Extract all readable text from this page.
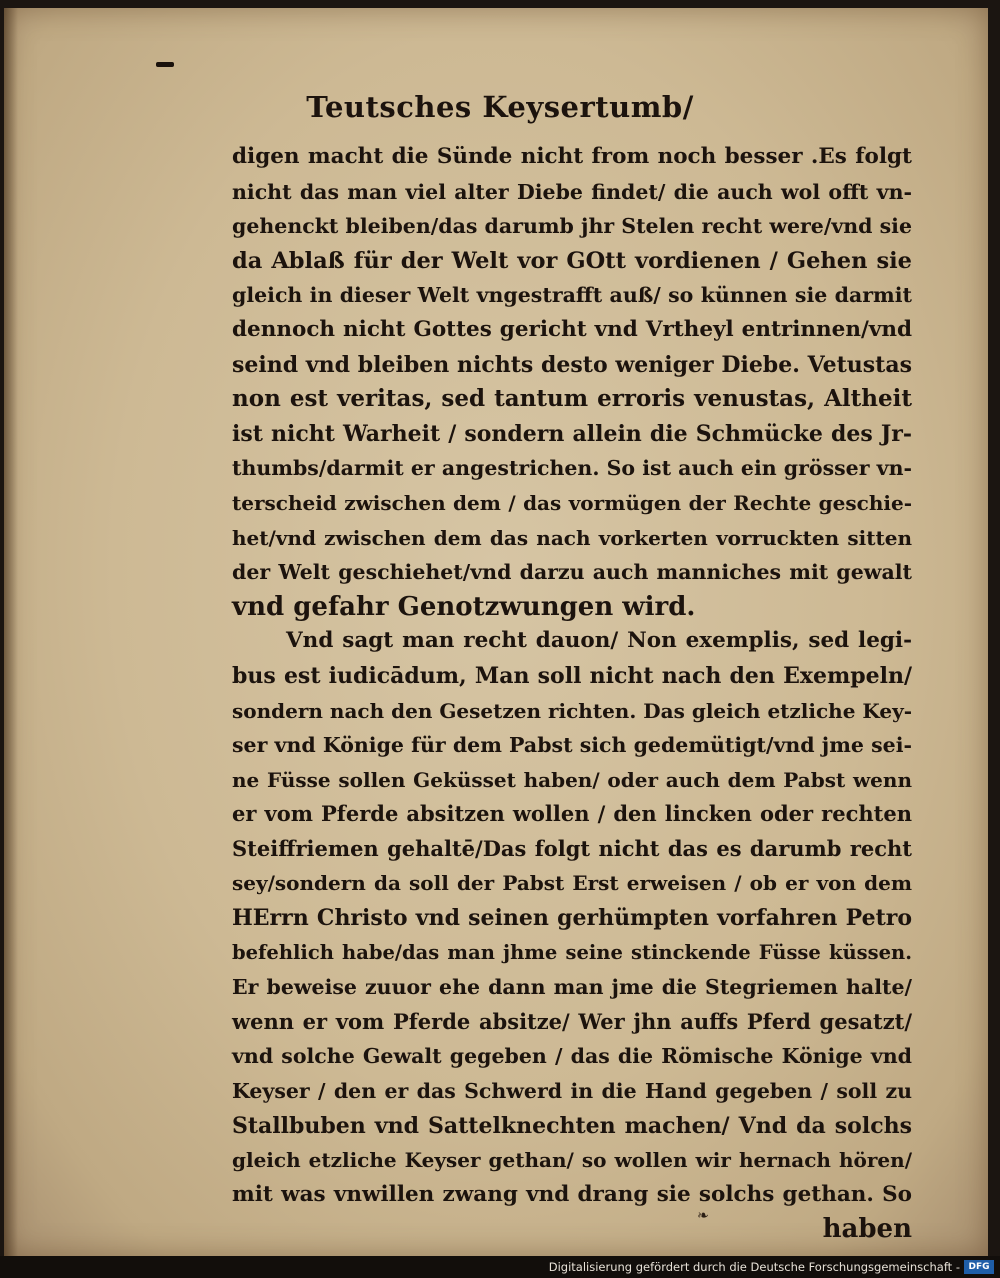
Teutsches Keysertumb/
digen macht die Sünde nicht from noch besser .Es folgt
nicht das man viel alter Diebe findet/ die auch wol offt vn-
gehenckt bleiben/das darumb jhr Stelen recht were/vnd sie
da Ablaß für der Welt vor GOtt vordienen / Gehen sie
gleich in dieser Welt vngestrafft auß/ so künnen sie darmit
dennoch nicht Gottes gericht vnd Vrtheyl entrinnen/vnd
seind vnd bleiben nichts desto weniger Diebe. Vetustas
non est veritas, sed tantum erroris venustas, Altheit
ist nicht Warheit / sondern allein die Schmücke des Jr-
thumbs/darmit er angestrichen. So ist auch ein grösser vn-
terscheid zwischen dem / das vormügen der Rechte geschie-
het/vnd zwischen dem das nach vorkerten vorruckten sitten
der Welt geschiehet/vnd darzu auch manniches mit gewalt
vnd gefahr Genotzwungen wird.
Vnd sagt man recht dauon/ Non exemplis, sed legi-
bus est iudicādum, Man soll nicht nach den Exempeln/
sondern nach den Gesetzen richten. Das gleich etzliche Key-
ser vnd Könige für dem Pabst sich gedemütigt/vnd jme sei-
ne Füsse sollen Geküsset haben/ oder auch dem Pabst wenn
er vom Pferde absitzen wollen / den lincken oder rechten
Steiffriemen gehaltē/Das folgt nicht das es darumb recht
sey/sondern da soll der Pabst Erst erweisen / ob er von dem
HErrn Christo vnd seinen gerhümpten vorfahren Petro
befehlich habe/das man jhme seine stinckende Füsse küssen.
Er beweise zuuor ehe dann man jme die Stegriemen halte/
wenn er vom Pferde absitze/ Wer jhn auffs Pferd gesatzt/
vnd solche Gewalt gegeben / das die Römische Könige vnd
Keyser / den er das Schwerd in die Hand gegeben / soll zu
Stallbuben vnd Sattelknechten machen/ Vnd da solchs
gleich etzliche Keyser gethan/ so wollen wir hernach hören/
mit was vnwillen zwang vnd drang sie solchs gethan. So
haben
❧
Digitalisierung gefördert durch die Deutsche Forschungsgemeinschaft - DFG
